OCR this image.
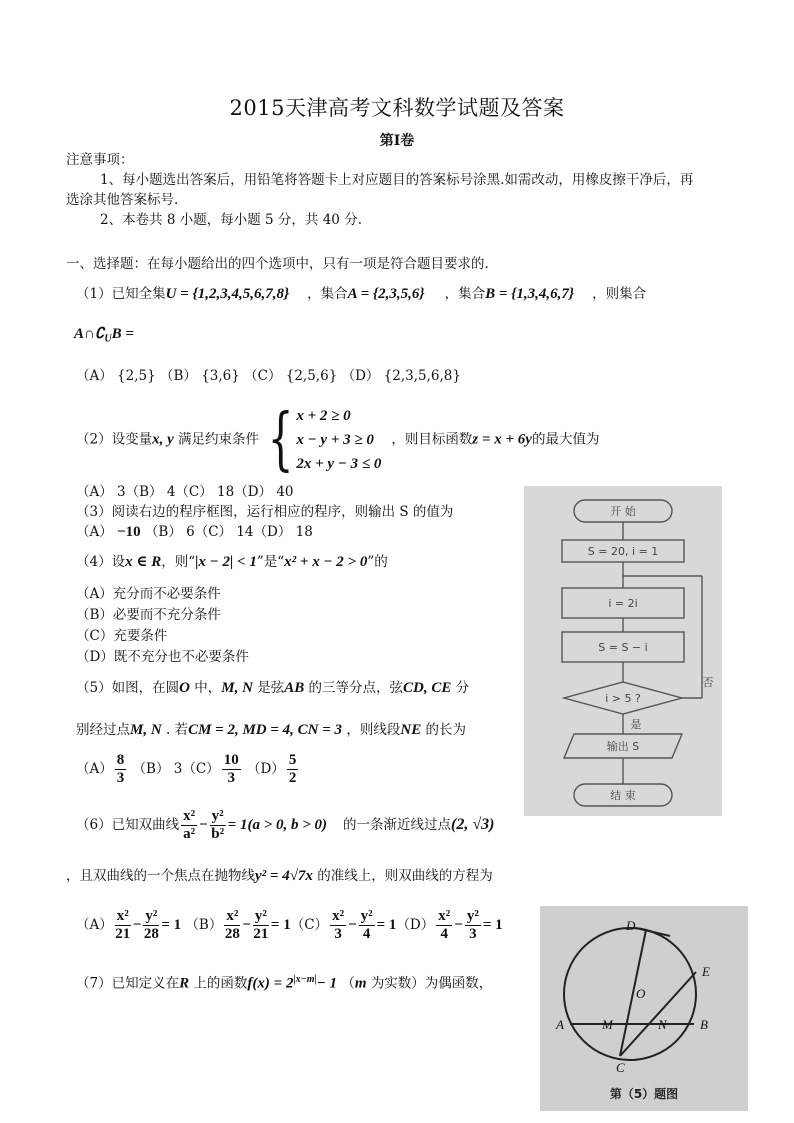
2015天津高考文科数学试题及答案
第Ⅰ卷
注意事项：
1、每小题选出答案后，用铅笔将答题卡上对应题目的答案标号涂黑.如需改动，用橡皮擦干净后，再
选涂其他答案标号.
2、本卷共 8 小题，每小题 5 分，共 40 分.
一、选择题：在每小题给出的四个选项中，只有一项是符合题目要求的.
（1）已知全集U = {1,2,3,4,5,6,7,8} ，集合A = {2,3,5,6} ，集合B = {1,3,4,6,7} ，则集合
$A\cap∁_UB$ =
（A） {2,5} （B） {3,6} （C） {2,5,6} （D） {2,3,5,6,8}
（2）设变量x, y 满足约束条件 { x + 2 ≥ 0
x − y + 3 ≥ 0
2x + y − 3 ≤ 0
，则目标函数z = x + 6y的最大值为
（A） 3（B） 4（C） 18（D） 40
（3）阅读右边的程序框图，运行相应的程序，则输出 S 的值为
（A） −10 （B） 6（C） 14（D） 18
（4）设x ∈ R，则“|x − 2| < 1”是“x² + x − 2 > 0”的
（A）充分而不必要条件
（B）必要而不充分条件
（C）充要条件
（D）既不充分也不必要条件
（5）如图，在圆O 中，M, N 是弦AB 的三等分点，弦CD, CE 分
别经过点M, N . 若CM = 2, MD = 4, CN = 3 ，则线段NE 的长为
$(A) \frac{8}{3} (B)$ $3(C) \frac{10}{3} (D) \frac{5}{2}$
（6）已知双曲线 $\frac{\text{x²}}{\text{a²}} - \frac{\text{y²}}{\text{b²}} = 1(a > 0$, b > 0) 的一条渐近线过点(2, √3)
，且双曲线的一个焦点在抛物线y² = 4√7x 的准线上，则双曲线的方程为
$(A) \frac{\text{x²}}{21} - \frac{\text{y²}}{28} = 1$ $(B) \frac{\text{x²}}{28} - \frac{\text{y²}}{21} = 1(C) \frac{\text{x²}}{3} - \frac{\text{y²}}{4} = 1(D) \frac{\text{x²}}{4} - \frac{\text{y²}}{3} = 1$
（7）已知定义在R 上的函数$f(x) = 2^{|x-m|}- 1$ （m 为实数）为偶函数，
开 始
S = 20, i = 1
i = 2i
S = S − i
i > 5 ?
否
是
输出 S
结 束
D
E
O
A	M	N	B
C
第（5）题图
